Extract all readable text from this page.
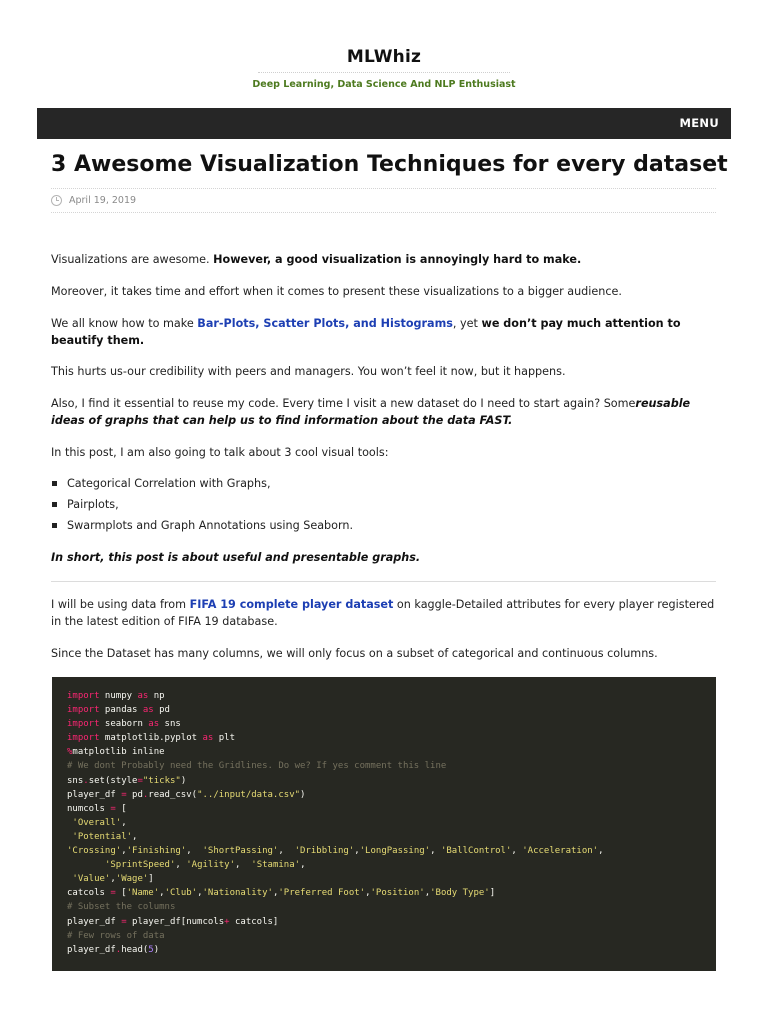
MLWhiz
Deep Learning, Data Science And NLP Enthusiast
MENU
3 Awesome Visualization Techniques for every dataset
April 19, 2019

Visualizations are awesome. However, a good visualization is annoyingly hard to make.

Moreover, it takes time and effort when it comes to present these visualizations to a bigger audience.

We all know how to make Bar-Plots, Scatter Plots, and Histograms, yet we don’t pay much attention to beautify them.

This hurts us-our credibility with peers and managers. You won’t feel it now, but it happens.

Also, I find it essential to reuse my code. Every time I visit a new dataset do I need to start again? Somereusable ideas of graphs that can help us to find information about the data FAST.

In this post, I am also going to talk about 3 cool visual tools:

Categorical Correlation with Graphs,
Pairplots,
Swarmplots and Graph Annotations using Seaborn.

In short, this post is about useful and presentable graphs.

I will be using data from FIFA 19 complete player dataset on kaggle-Detailed attributes for every player registered in the latest edition of FIFA 19 database.

Since the Dataset has many columns, we will only focus on a subset of categorical and continuous columns.

import numpy as np
import pandas as pd
import seaborn as sns
import matplotlib.pyplot as plt
%matplotlib inline
# We dont Probably need the Gridlines. Do we? If yes comment this line
sns.set(style="ticks")
player_df = pd.read_csv("../input/data.csv")
numcols = [
'Overall',
'Potential',
'Crossing','Finishing',  'ShortPassing',  'Dribbling','LongPassing', 'BallControl', 'Acceleration',
'SprintSpeed', 'Agility',  'Stamina',
'Value','Wage']
catcols = ['Name','Club','Nationality','Preferred Foot','Position','Body Type']
# Subset the columns
player_df = player_df[numcols+ catcols]
# Few rows of data
player_df.head(5)
